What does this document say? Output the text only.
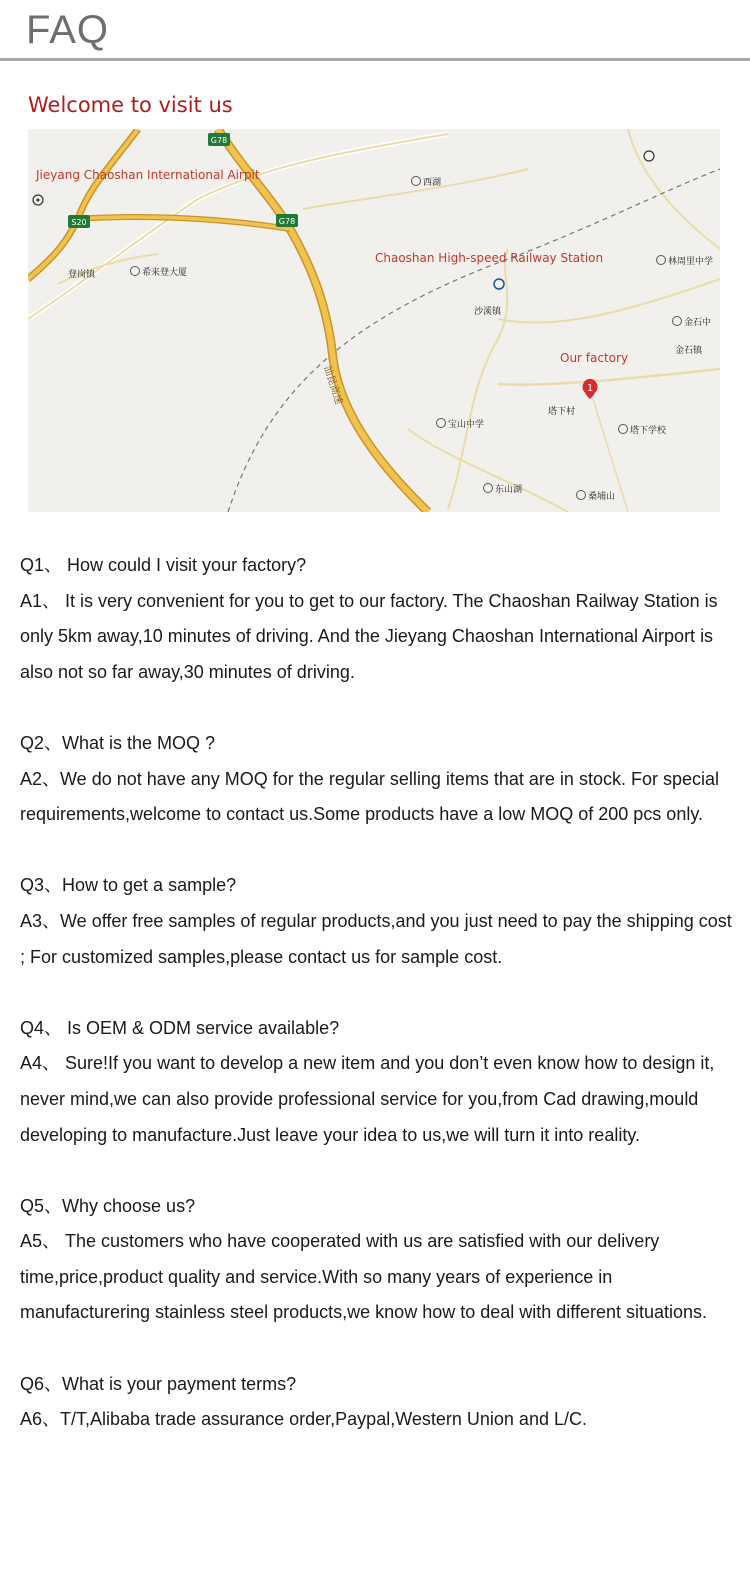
FAQ
Welcome to visit us
G78
G78
S20
汕昆高速	1
Jieyang Chaoshan International Airpit
Chaoshan High-speed Railway Station
Our factory
西湖
登岗镇	希来登大厦
沙溪镇
林周里中学
金石中
金石镇
塔下村
宝山中学
塔下学校
东山湖
桑埔山

Q1、 How could I visit your factory?

A1、 It is very convenient for you to get to our factory. The Chaoshan Railway Station is only 5km away,10 minutes of driving. And the Jieyang Chaoshan International Airport is also not so far away,30 minutes of driving.

Q2、What is the MOQ ?

A2、We do not have any MOQ for the regular selling items that are in stock. For special requirements,welcome to contact us.Some products have a low MOQ of 200 pcs only.

Q3、How to get a sample?

A3、We offer free samples of regular products,and you just need to pay the shipping cost ; For customized samples,please contact us for sample cost.

Q4、 Is OEM & ODM service available?

A4、 Sure!If you want to develop a new item and you don’t even know how to design it, never mind,we can also provide professional service for you,from Cad drawing,mould developing to manufacture.Just leave your idea to us,we will turn it into reality.

Q5、Why choose us?

A5、 The customers who have cooperated with us are satisfied with our delivery time,price,product quality and service.With so many years of experience in manufacturering stainless steel products,we know how to deal with different situations.

Q6、What is your payment terms?

A6、T/T,Alibaba trade assurance order,Paypal,Western Union and L/C.
